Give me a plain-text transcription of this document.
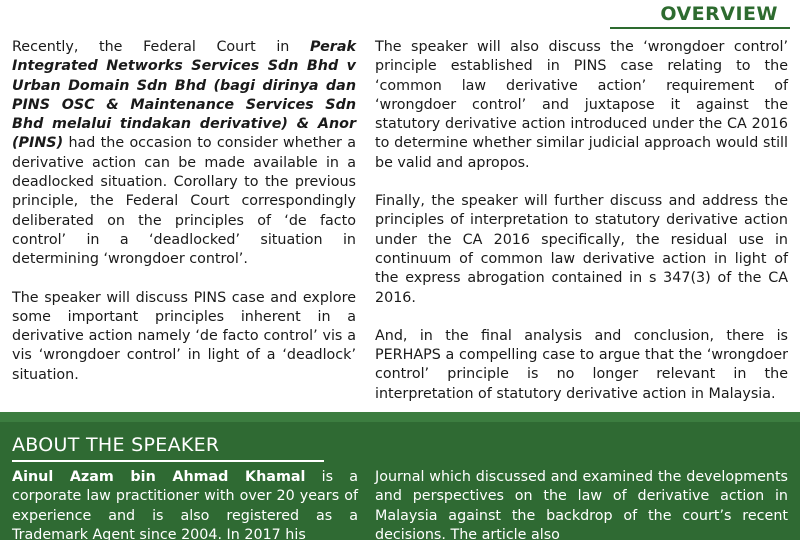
OVERVIEW

Recently, the Federal Court in Perak Integrated Networks Services Sdn Bhd v Urban Domain Sdn Bhd (bagi dirinya dan PINS OSC & Maintenance Services Sdn Bhd melalui tindakan derivative) & Anor (PINS) had the occasion to consider whether a derivative action can be made available in a deadlocked situation. Corollary to the previous principle, the Federal Court correspondingly deliberated on the principles of ‘de facto control’ in a ‘deadlocked’ situation in determining ‘wrongdoer control’.

The speaker will discuss PINS case and explore some important principles inherent in a derivative action namely ‘de facto control’ vis a vis ‘wrongdoer control’ in light of a ‘deadlock’ situation.

The speaker will also discuss the ‘wrongdoer control’ principle established in PINS case relating to the ‘common law derivative action’ requirement of ‘wrongdoer control’ and juxtapose it against the statutory derivative action introduced under the CA 2016 to determine whether similar judicial approach would still be valid and apropos.

Finally, the speaker will further discuss and address the principles of interpretation to statutory derivative action under the CA 2016 specifically, the residual use in continuum of common law derivative action in light of the express abrogation contained in s 347(3) of the CA 2016.

And, in the final analysis and conclusion, there is PERHAPS a compelling case to argue that the ‘wrongdoer control’ principle is no longer relevant in the interpretation of statutory derivative action in Malaysia.

ABOUT THE SPEAKER
Ainul Azam bin Ahmad Khamal is a corporate law practitioner with over 20 years of experience and is also registered as a Trademark Agent since 2004. In 2017 his
Journal which discussed and examined the developments and perspectives on the law of derivative action in Malaysia against the backdrop of the court’s recent decisions. The article also
